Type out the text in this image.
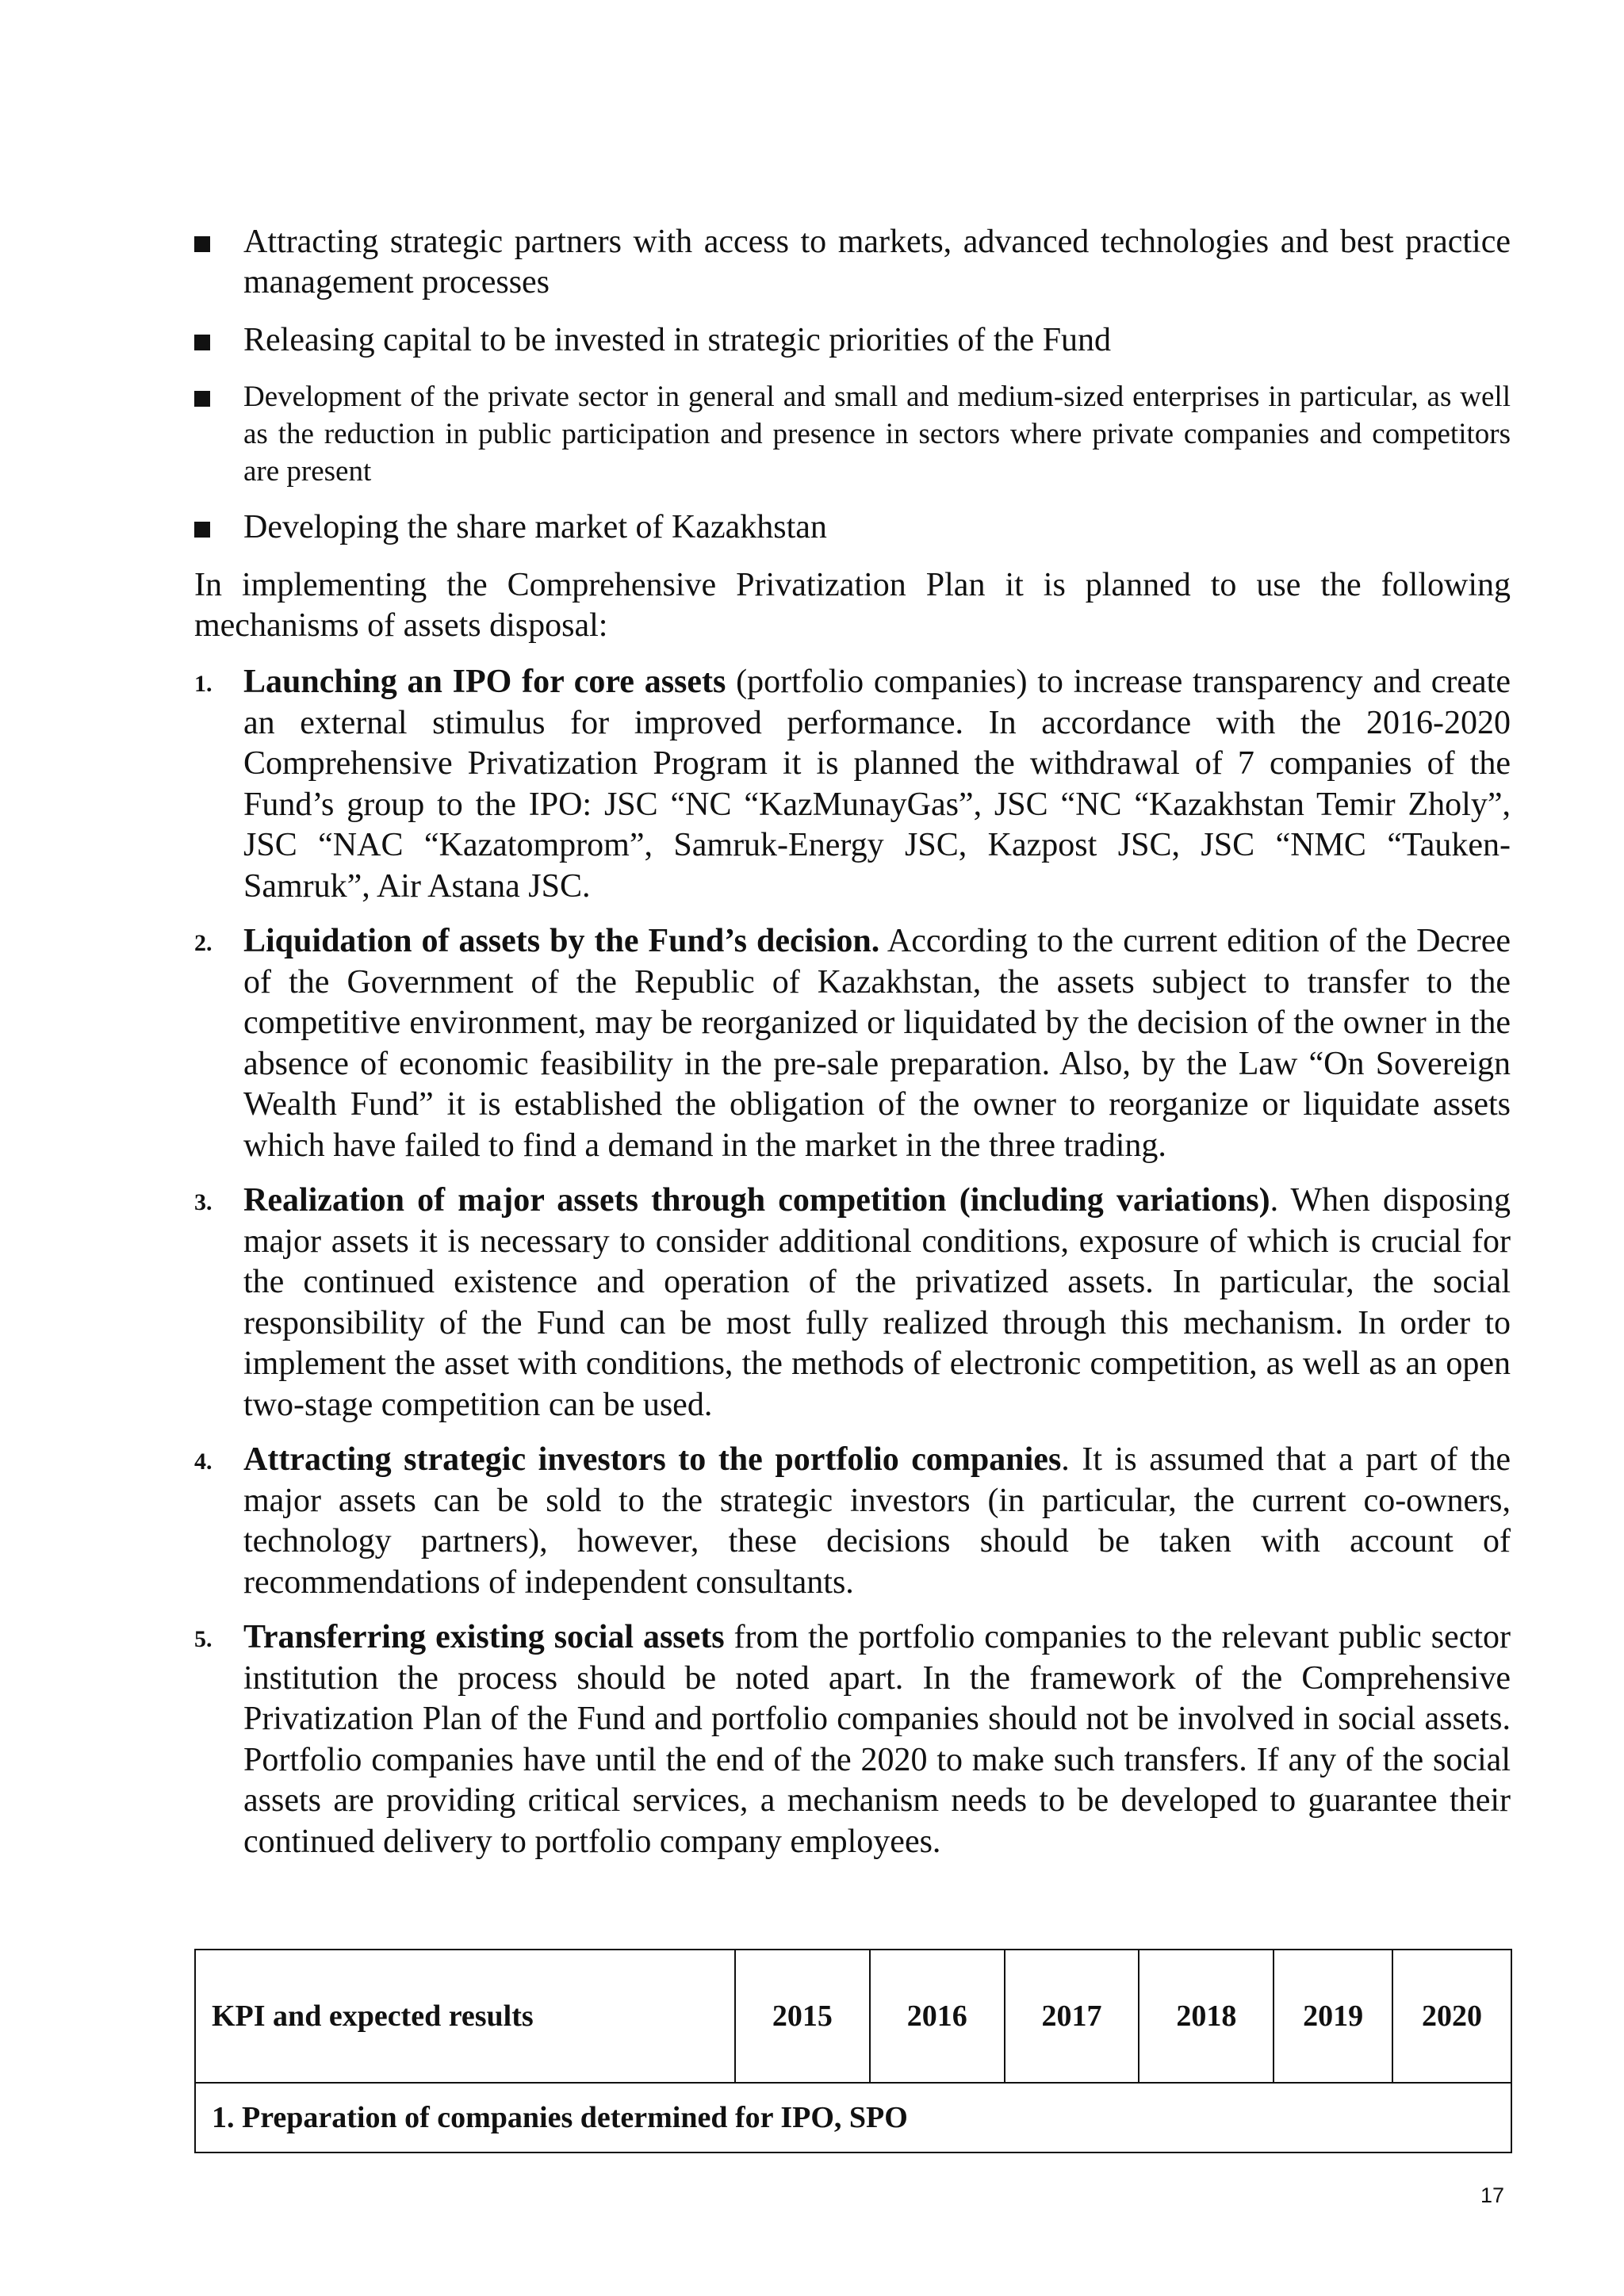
Attracting strategic partners with access to markets, advanced technologies and best practice management processes
Releasing capital to be invested in strategic priorities of the Fund
Development of the private sector in general and small and medium-sized enterprises in particular, as well as the reduction in public participation and presence in sectors where private companies and competitors are present
Developing the share market of Kazakhstan
In implementing the Comprehensive Privatization Plan it is planned to use the following mechanisms of assets disposal:
1. Launching an IPO for core assets (portfolio companies) to increase transparency and create an external stimulus for improved performance. In accordance with the 2016-2020 Comprehensive Privatization Program it is planned the withdrawal of 7 companies of the Fund’s group to the IPO: JSC “NC “KazMunayGas”, JSC “NC “Kazakhstan Temir Zholy”, JSC “NAC “Kazatomprom”, Samruk-Energy JSC, Kazpost JSC, JSC “NMC “Tauken-Samruk”, Air Astana JSC.
2. Liquidation of assets by the Fund’s decision. According to the current edition of the Decree of the Government of the Republic of Kazakhstan, the assets subject to transfer to the competitive environment, may be reorganized or liquidated by the decision of the owner in the absence of economic feasibility in the pre-sale preparation. Also, by the Law “On Sovereign Wealth Fund” it is established the obligation of the owner to reorganize or liquidate assets which have failed to find a demand in the market in the three trading.
3. Realization of major assets through competition (including variations). When disposing major assets it is necessary to consider additional conditions, exposure of which is crucial for the continued existence and operation of the privatized assets. In particular, the social responsibility of the Fund can be most fully realized through this mechanism. In order to implement the asset with conditions, the methods of electronic competition, as well as an open two-stage competition can be used.
4. Attracting strategic investors to the portfolio companies. It is assumed that a part of the major assets can be sold to the strategic investors (in particular, the current co-owners, technology partners), however, these decisions should be taken with account of recommendations of independent consultants.
5. Transferring existing social assets from the portfolio companies to the relevant public sector institution the process should be noted apart. In the framework of the Comprehensive Privatization Plan of the Fund and portfolio companies should not be involved in social assets. Portfolio companies have until the end of the 2020 to make such transfers. If any of the social assets are providing critical services, a mechanism needs to be developed to guarantee their continued delivery to portfolio company employees.
KPI and expected results	2015	2016	2017	2018	2019	2020
1. Preparation of companies determined for IPO, SPO
17
